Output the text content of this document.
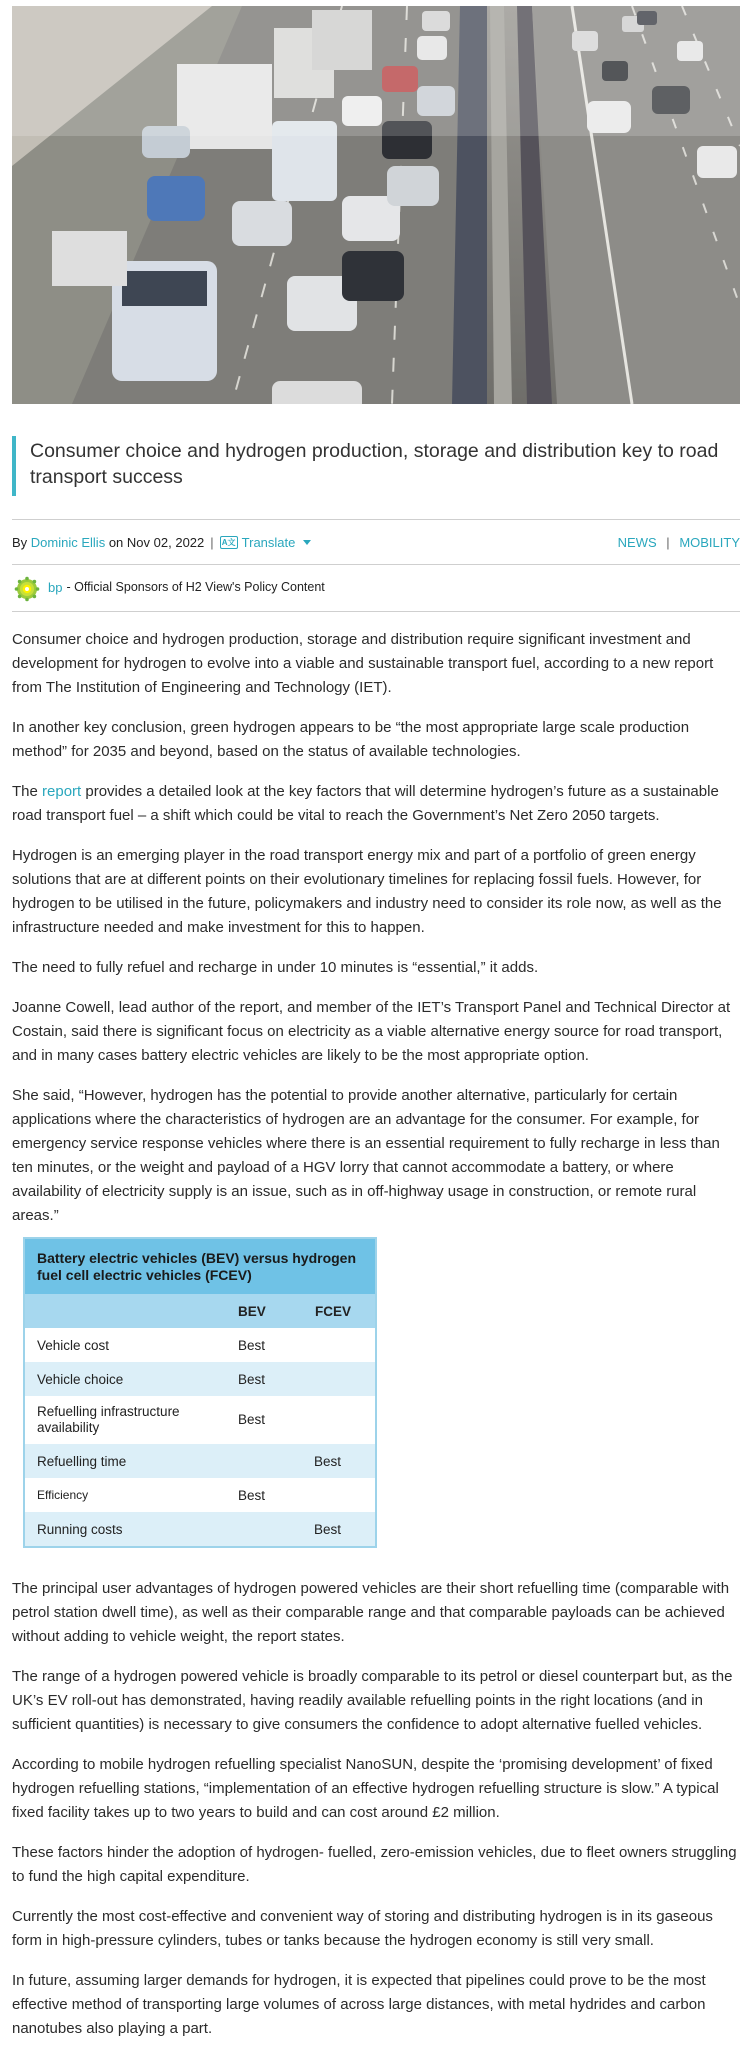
Consumer choice and hydrogen production, storage and distribution key to road transport success
By
Dominic Ellis
on
Nov 02, 2022 | A文 Translate	NEWS | MOBILITY
bp - Official Sponsors of H2 View's Policy Content

Consumer choice and hydrogen production, storage and distribution require significant investment and development for hydrogen to evolve into a viable and sustainable transport fuel, according to a new report from The Institution of Engineering and Technology (IET).

In another key conclusion, green hydrogen appears to be “the most appropriate large scale production method” for 2035 and beyond, based on the status of available technologies.

The report provides a detailed look at the key factors that will determine hydrogen’s future as a sustainable road transport fuel – a shift which could be vital to reach the Government’s Net Zero 2050 targets.

Hydrogen is an emerging player in the road transport energy mix and part of a portfolio of green energy solutions that are at different points on their evolutionary timelines for replacing fossil fuels. However, for hydrogen to be utilised in the future, policymakers and industry need to consider its role now, as well as the infrastructure needed and make investment for this to happen.

The need to fully refuel and recharge in under 10 minutes is “essential,” it adds.

Joanne Cowell, lead author of the report, and member of the IET’s Transport Panel and Technical Director at Costain, said there is significant focus on electricity as a viable alternative energy source for road transport, and in many cases battery electric vehicles are likely to be the most appropriate option.

She said, “However, hydrogen has the potential to provide another alternative, particularly for certain applications where the characteristics of hydrogen are an advantage for the consumer. For example, for emergency service response vehicles where there is an essential requirement to fully recharge in less than ten minutes, or the weight and payload of a HGV lorry that cannot accommodate a battery, or where availability of electricity supply is an issue, such as in off-highway usage in construction, or remote rural areas.”

Battery electric vehicles (BEV) versus hydrogen fuel cell electric vehicles (FCEV)
	BEV	FCEV
Vehicle cost	Best	
Vehicle choice	Best	
Refuelling infrastructure availability	Best	
Refuelling time		Best
Efficiency	Best	
Running costs		Best

The principal user advantages of hydrogen powered vehicles are their short refuelling time (comparable with petrol station dwell time), as well as their comparable range and that comparable payloads can be achieved without adding to vehicle weight, the report states.

The range of a hydrogen powered vehicle is broadly comparable to its petrol or diesel counterpart but, as the UK’s EV roll-out has demonstrated, having readily available refuelling points in the right locations (and in sufficient quantities) is necessary to give consumers the confidence to adopt alternative fuelled vehicles.

According to mobile hydrogen refuelling specialist NanoSUN, despite the ‘promising development’ of fixed hydrogen refuelling stations, “implementation of an effective hydrogen refuelling structure is slow.” A typical fixed facility takes up to two years to build and can cost around £2 million.

These factors hinder the adoption of hydrogen- fuelled, zero-emission vehicles, due to fleet owners struggling to fund the high capital expenditure.

Currently the most cost-effective and convenient way of storing and distributing hydrogen is in its gaseous form in high-pressure cylinders, tubes or tanks because the hydrogen economy is still very small.

In future, assuming larger demands for hydrogen, it is expected that pipelines could prove to be the most effective method of transporting large volumes of across large distances, with metal hydrides and carbon nanotubes also playing a part.
